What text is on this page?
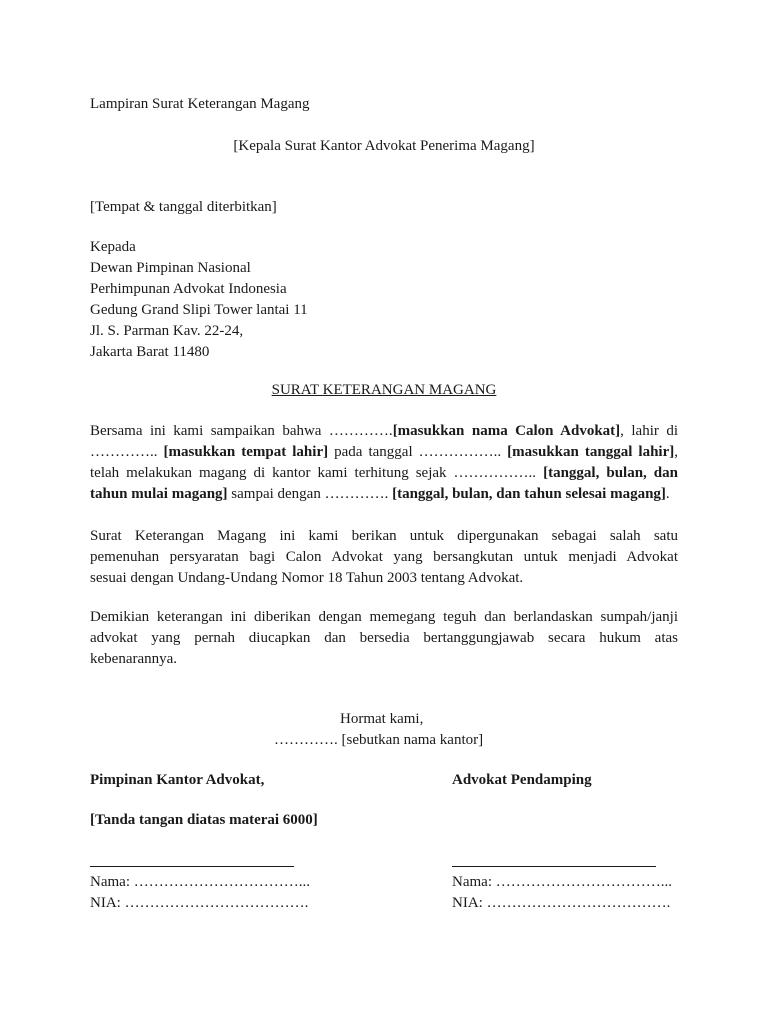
Lampiran Surat Keterangan Magang
[Kepala Surat Kantor Advokat Penerima Magang]
[Tempat & tanggal diterbitkan]
Kepada
Dewan Pimpinan Nasional
Perhimpunan Advokat Indonesia
Gedung Grand Slipi Tower lantai 11
Jl. S. Parman Kav. 22-24,
Jakarta Barat 11480
SURAT KETERANGAN MAGANG
Bersama ini kami sampaikan bahwa ………….[masukkan nama Calon Advokat], lahir di
………….. [masukkan tempat lahir] pada tanggal …………….. [masukkan tanggal lahir],
telah melakukan magang di kantor kami terhitung sejak …………….. [tanggal, bulan, dan
tahun mulai magang] sampai dengan …………. [tanggal, bulan, dan tahun selesai magang].
Surat Keterangan Magang ini kami berikan untuk dipergunakan sebagai salah satu
pemenuhan persyaratan bagi Calon Advokat yang bersangkutan untuk menjadi Advokat
sesuai dengan Undang-Undang Nomor 18 Tahun 2003 tentang Advokat.
Demikian keterangan ini diberikan dengan memegang teguh dan berlandaskan sumpah/janji
advokat yang pernah diucapkan dan bersedia bertanggungjawab secara hukum atas
kebenarannya.
Hormat kami,
…………. [sebutkan nama kantor]
Pimpinan Kantor Advokat,	Advokat Pendamping
[Tanda tangan diatas materai 6000]
Nama: ……………………………...
NIA: ……………………………….
Nama: ……………………………...
NIA: ……………………………….
